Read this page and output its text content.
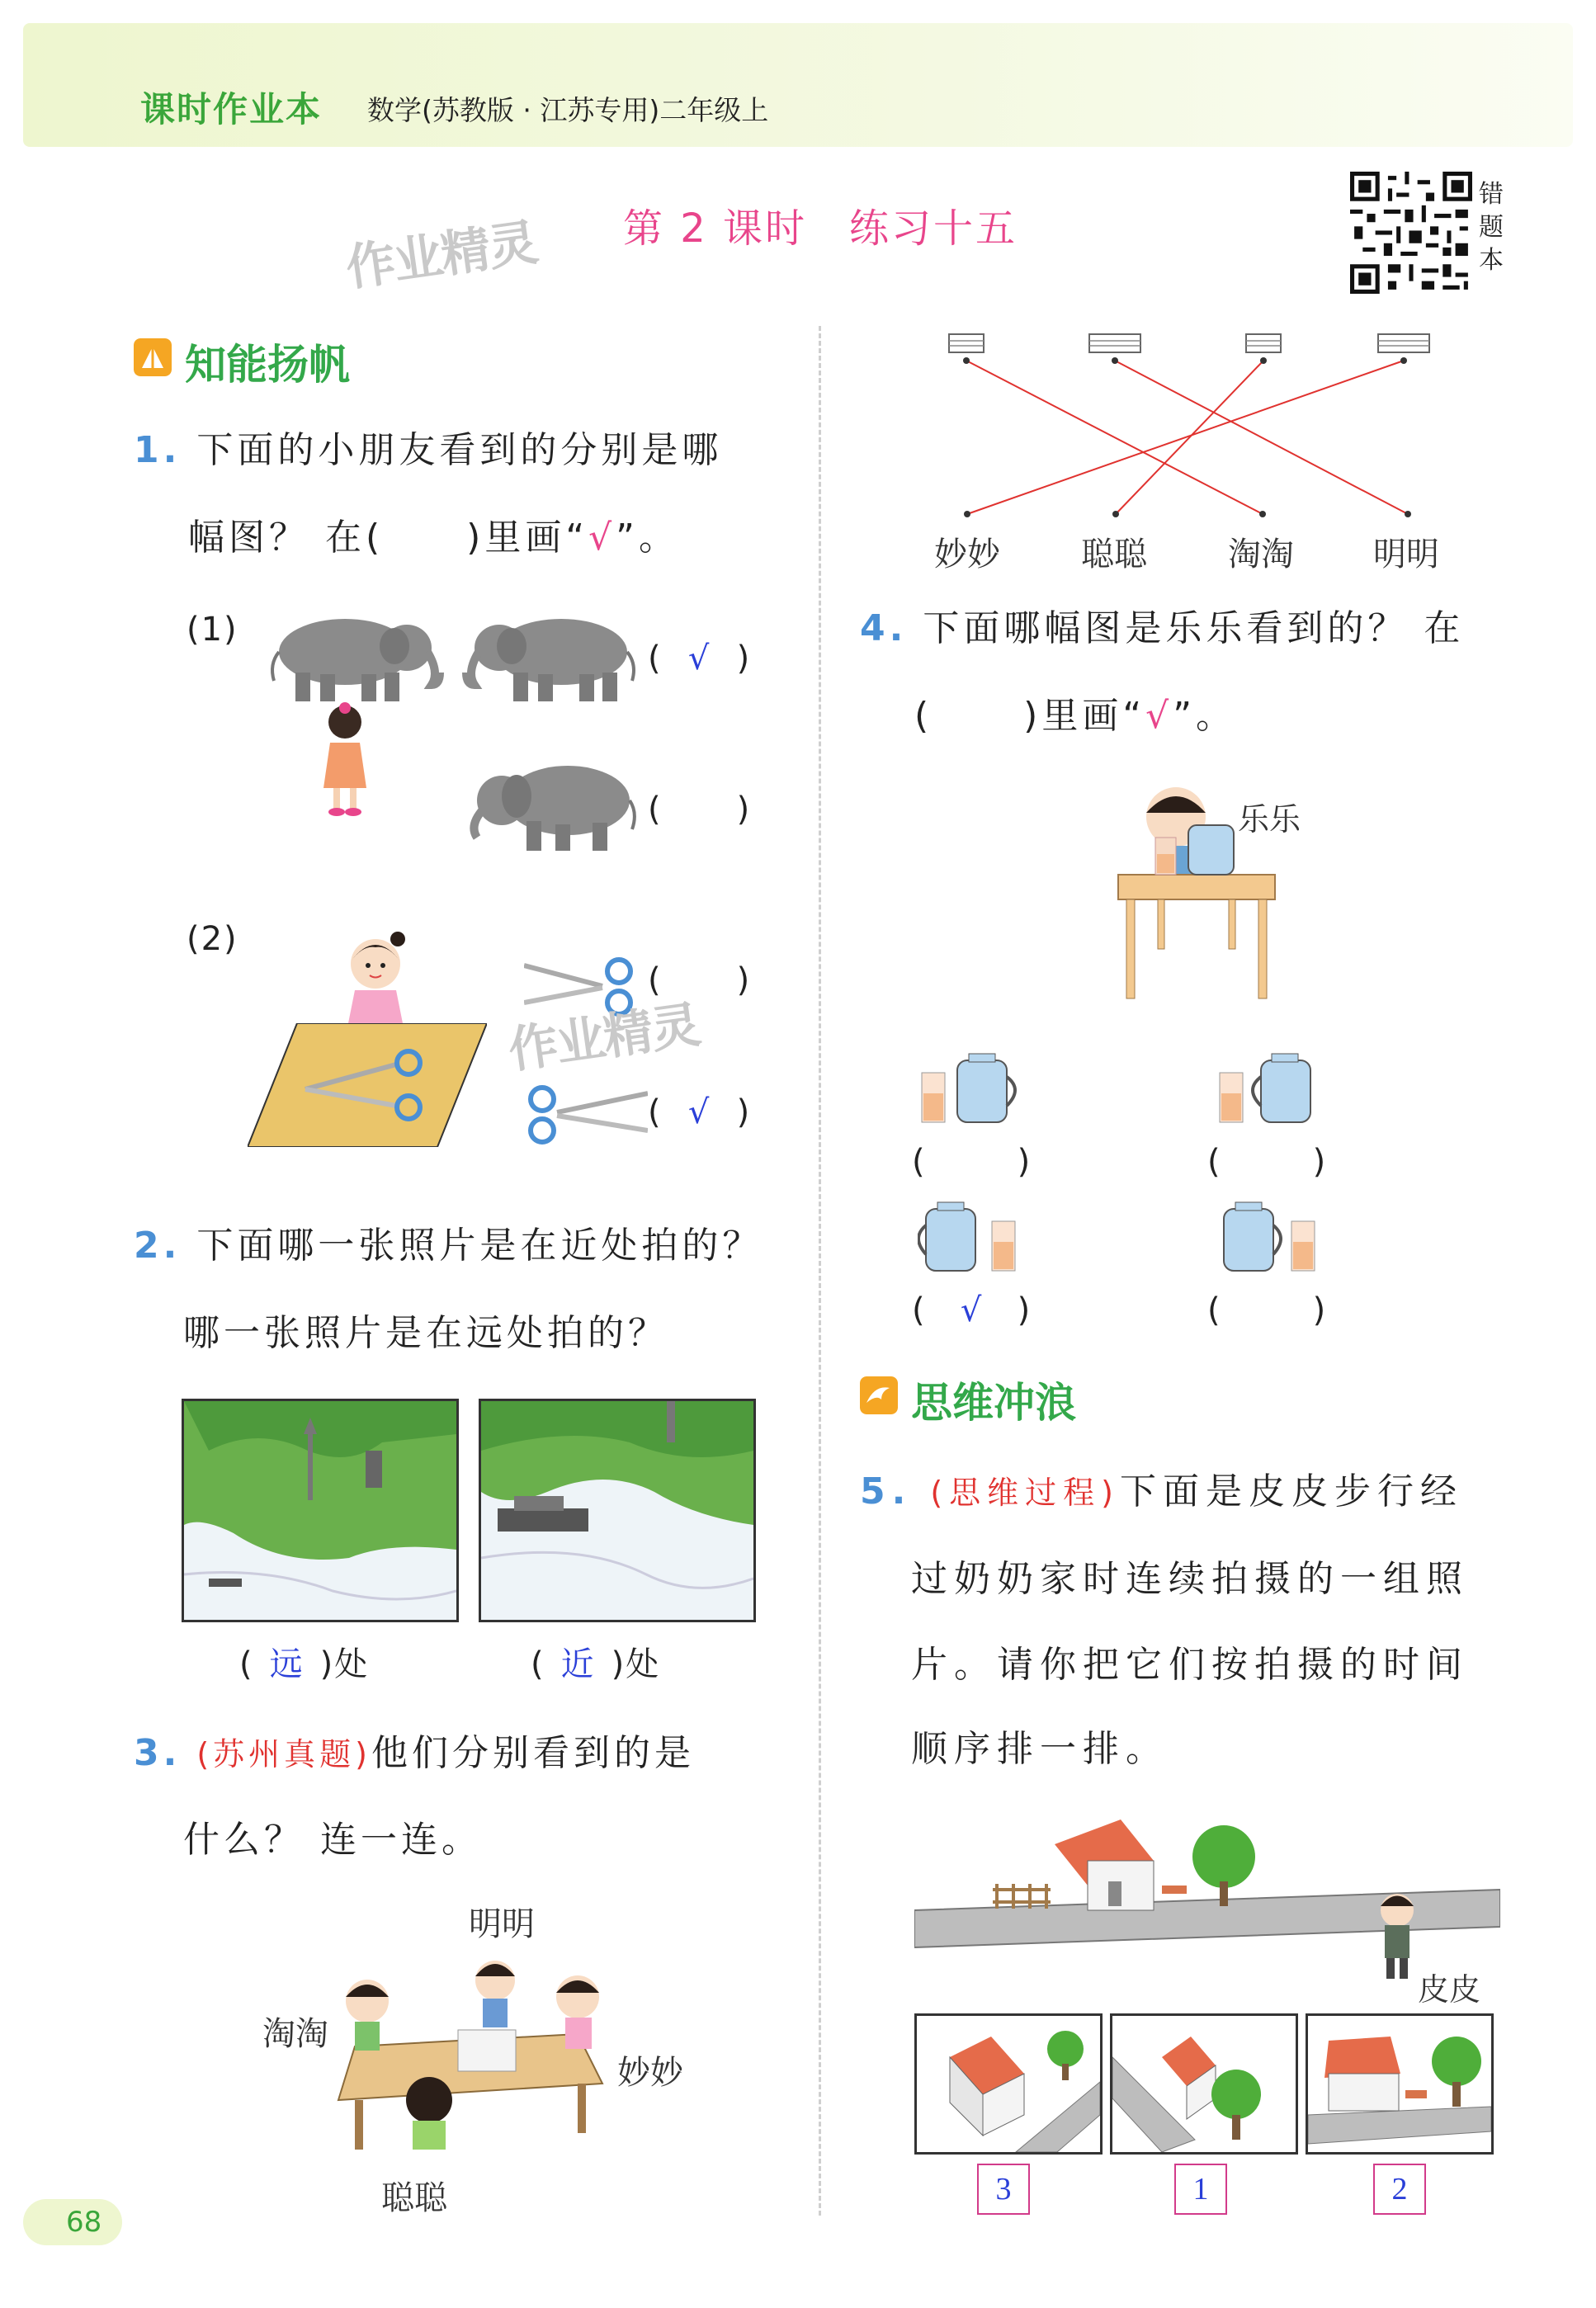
课时作业本 数学(苏教版 · 江苏专用)二年级上
作业精灵 第 2 课时　练习十五
错题本
知能扬帆
1. 下面的小朋友看到的分别是哪
幅图？ 在( )里画“√”。
(1)
( √ )
( )
(2)
( )
作业精灵
( √ )
2. 下面哪一张照片是在近处拍的？
哪一张照片是在远处拍的？
( 远 )处	( 近 )处
3. (苏州真题)他们分别看到的是
什么？ 连一连。
明明
淘淘
妙妙
聪聪
妙妙 聪聪 淘淘 明明
4. 下面哪幅图是乐乐看到的？ 在
(	)里画“√”。
乐乐
(	)	(	)
( √ )	(	)
思维冲浪
5. (思维过程)下面是皮皮步行经
过奶奶家时连续拍摄的一组照
片。请你把它们按拍摄的时间
顺序排一排。
皮皮
3	1	2
68
